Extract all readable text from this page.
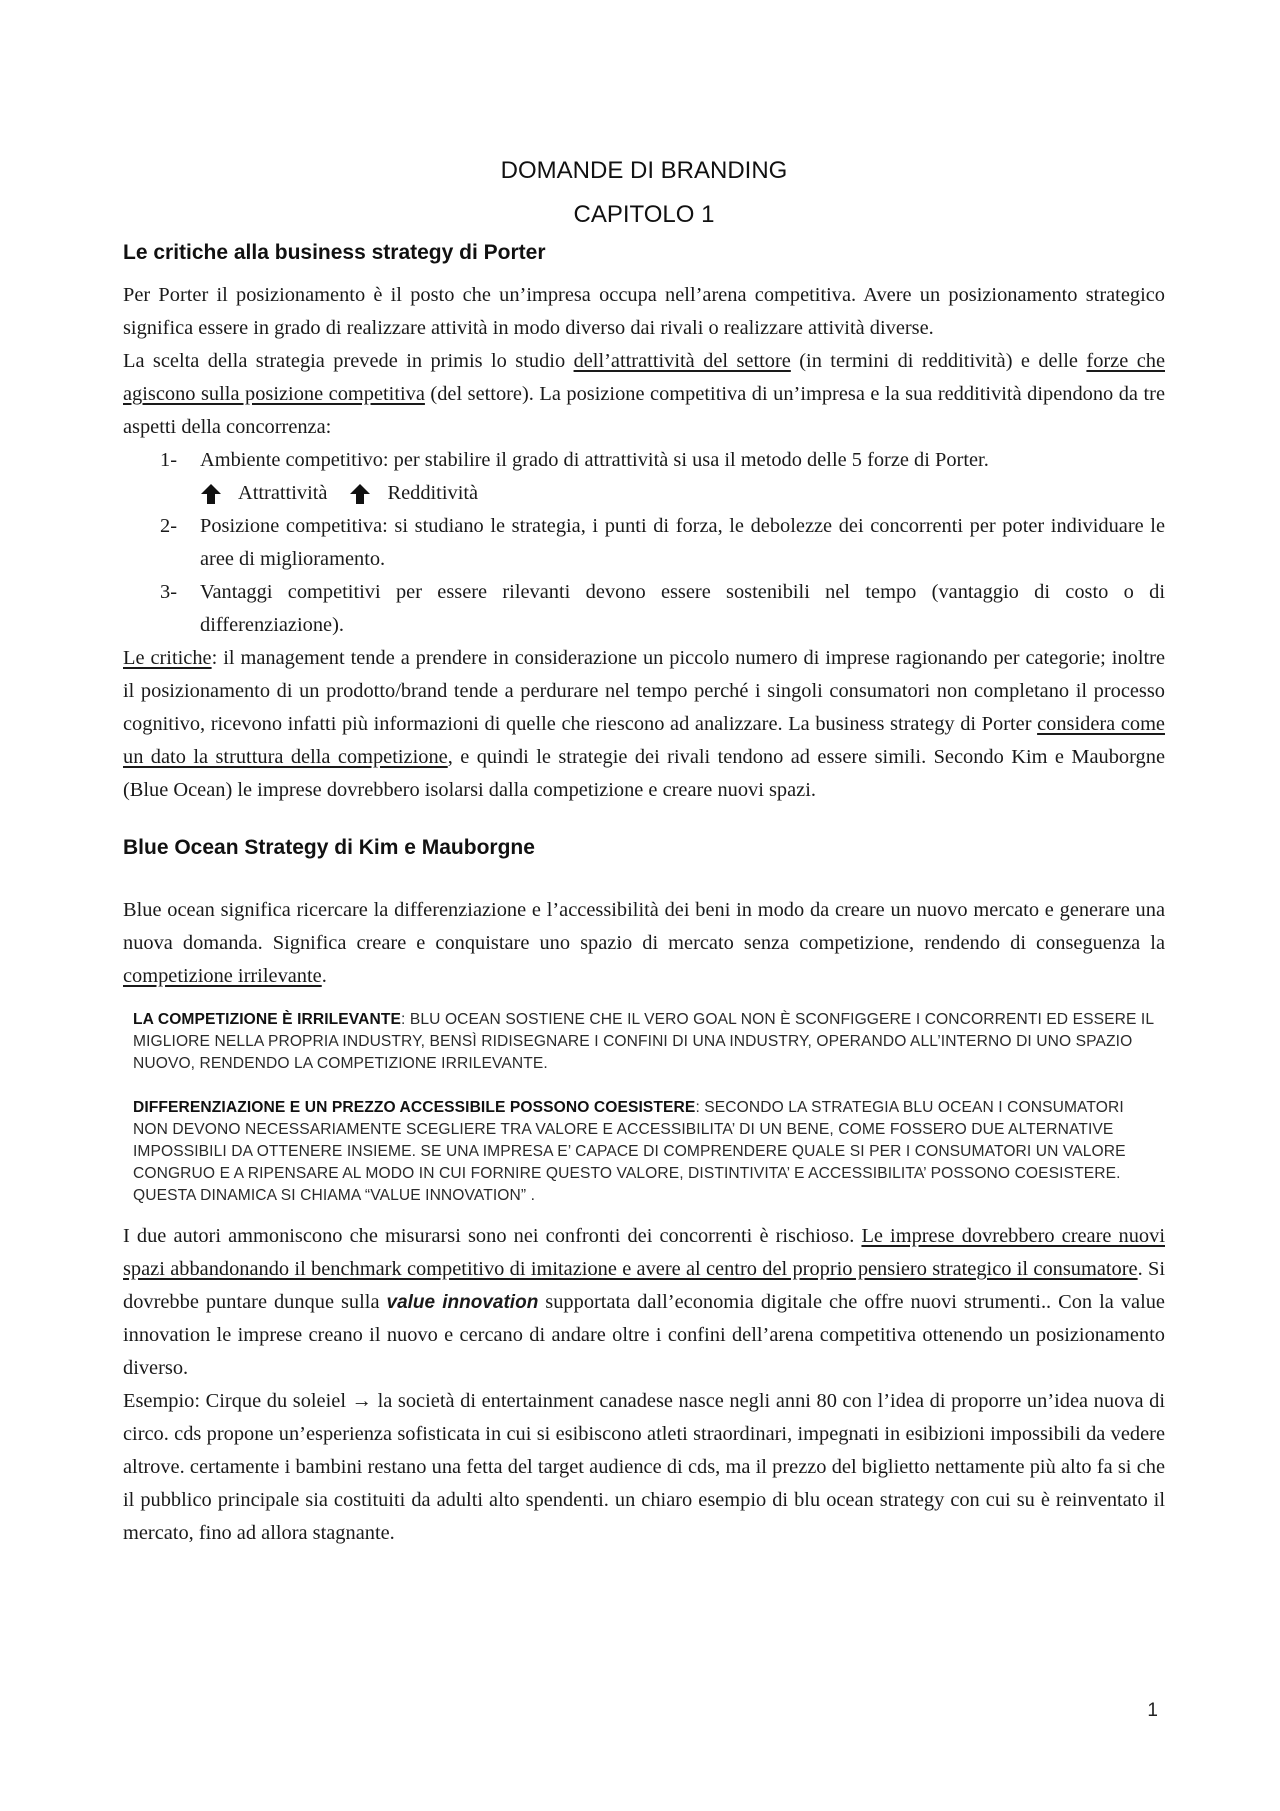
DOMANDE DI BRANDING
CAPITOLO 1
Le critiche alla business strategy di Porter

Per Porter il posizionamento è il posto che un’impresa occupa nell’arena competitiva. Avere un posizionamento strategico significa essere in grado di realizzare attività in modo diverso dai rivali o realizzare attività diverse.

La scelta della strategia prevede in primis lo studio dell’attrattività del settore (in termini di redditività) e delle forze che agiscono sulla posizione competitiva (del settore). La posizione competitiva di un’impresa e la sua redditività dipendono da tre aspetti della concorrenza:

1- Ambiente competitivo: per stabilire il grado di attrattività si usa il metodo delle 5 forze di Porter.
Attrattività	Redditività
2- Posizione competitiva: si studiano le strategia, i punti di forza, le debolezze dei concorrenti per poter individuare le aree di miglioramento.
3- Vantaggi competitivi per essere rilevanti devono essere sostenibili nel tempo (vantaggio di costo o di differenziazione).

Le critiche: il management tende a prendere in considerazione un piccolo numero di imprese ragionando per categorie; inoltre il posizionamento di un prodotto/brand tende a perdurare nel tempo perché i singoli consumatori non completano il processo cognitivo, ricevono infatti più informazioni di quelle che riescono ad analizzare. La business strategy di Porter considera come un dato la struttura della competizione, e quindi le strategie dei rivali tendono ad essere simili. Secondo Kim e Mauborgne (Blue Ocean) le imprese dovrebbero isolarsi dalla competizione e creare nuovi spazi.

Blue Ocean Strategy di Kim e Mauborgne

Blue ocean significa ricercare la differenziazione e l’accessibilità dei beni in modo da creare un nuovo mercato e generare una nuova domanda. Significa creare e conquistare uno spazio di mercato senza competizione, rendendo di conseguenza la competizione irrilevante.

LA COMPETIZIONE È IRRILEVANTE: BLU OCEAN SOSTIENE CHE IL VERO GOAL NON È SCONFIGGERE I CONCORRENTI ED ESSERE IL MIGLIORE NELLA PROPRIA INDUSTRY, BENSÌ RIDISEGNARE I CONFINI DI UNA INDUSTRY, OPERANDO ALL’INTERNO DI UNO SPAZIO NUOVO, RENDENDO LA COMPETIZIONE IRRILEVANTE.
DIFFERENZIAZIONE E UN PREZZO ACCESSIBILE POSSONO COESISTERE: SECONDO LA STRATEGIA BLU OCEAN I CONSUMATORI NON DEVONO NECESSARIAMENTE SCEGLIERE TRA VALORE E ACCESSIBILITA’ DI UN BENE, COME FOSSERO DUE ALTERNATIVE IMPOSSIBILI DA OTTENERE INSIEME. SE UNA IMPRESA E’ CAPACE DI COMPRENDERE QUALE SI PER I CONSUMATORI UN VALORE CONGRUO E A RIPENSARE AL MODO IN CUI FORNIRE QUESTO VALORE, DISTINTIVITA’ E ACCESSIBILITA’ POSSONO COESISTERE. QUESTA DINAMICA SI CHIAMA “VALUE INNOVATION” .

I due autori ammoniscono che misurarsi sono nei confronti dei concorrenti è rischioso. Le imprese dovrebbero creare nuovi spazi abbandonando il benchmark competitivo di imitazione e avere al centro del proprio pensiero strategico il consumatore. Si dovrebbe puntare dunque sulla value innovation supportata dall’economia digitale che offre nuovi strumenti.. Con la value innovation le imprese creano il nuovo e cercano di andare oltre i confini dell’arena competitiva ottenendo un posizionamento diverso.

Esempio: Cirque du soleiel → la società di entertainment canadese nasce negli anni 80 con l’idea di proporre un’idea nuova di circo. cds propone un’esperienza sofisticata in cui si esibiscono atleti straordinari, impegnati in esibizioni impossibili da vedere altrove. certamente i bambini restano una fetta del target audience di cds, ma il prezzo del biglietto nettamente più alto fa si che il pubblico principale sia costituiti da adulti alto spendenti. un chiaro esempio di blu ocean strategy con cui su è reinventato il mercato, fino ad allora stagnante.

1
